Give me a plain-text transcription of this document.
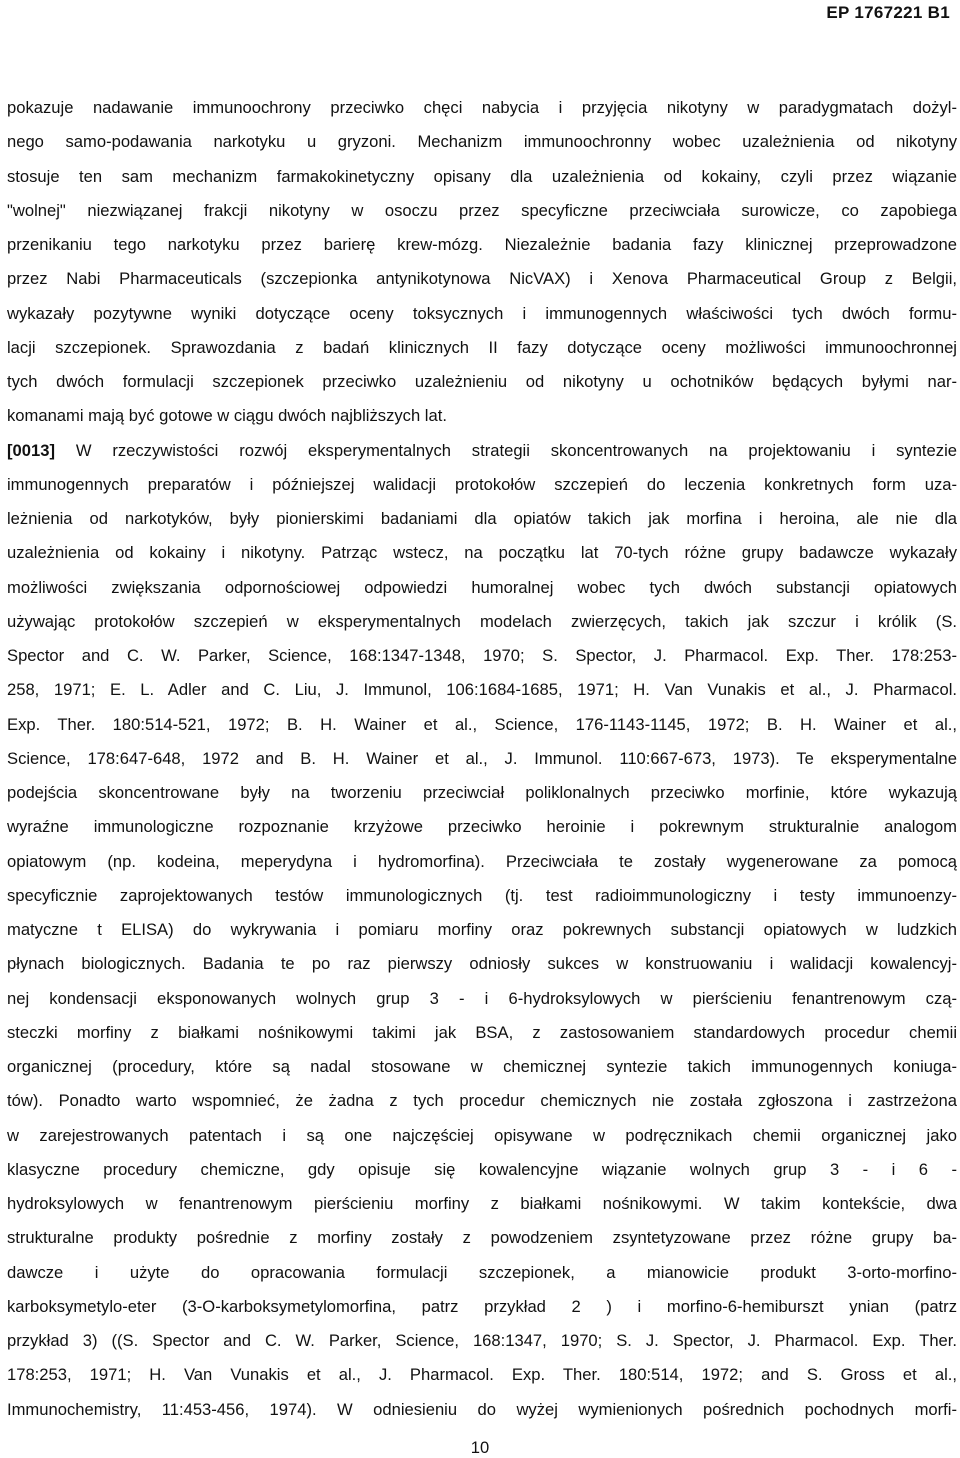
EP 1767221 B1
pokazuje nadawanie immunoochrony przeciwko chęci nabycia i przyjęcia nikotyny w paradygmatach dożyl-
nego samo-podawania narkotyku u gryzoni. Mechanizm immunoochronny wobec uzależnienia od nikotyny
stosuje ten sam mechanizm farmakokinetyczny opisany dla uzależnienia od kokainy, czyli przez wiązanie
"wolnej" niezwiązanej frakcji nikotyny w osoczu przez specyficzne przeciwciała surowicze, co zapobiega
przenikaniu tego narkotyku przez barierę krew-mózg. Niezależnie badania fazy klinicznej przeprowadzone
przez Nabi Pharmaceuticals (szczepionka antynikotynowa NicVAX) i Xenova Pharmaceutical Group z Belgii,
wykazały pozytywne wyniki dotyczące oceny toksycznych i immunogennych właściwości tych dwóch formu-
lacji szczepionek. Sprawozdania z badań klinicznych II fazy dotyczące oceny możliwości immunoochronnej
tych dwóch formulacji szczepionek przeciwko uzależnieniu od nikotyny u ochotników będących byłymi nar-
komanami mają być gotowe w ciągu dwóch najbliższych lat.
[0013] W rzeczywistości rozwój eksperymentalnych strategii skoncentrowanych na projektowaniu i syntezie
immunogennych preparatów i późniejszej walidacji protokołów szczepień do leczenia konkretnych form uza-
leżnienia od narkotyków, były pionierskimi badaniami dla opiatów takich jak morfina i heroina, ale nie dla
uzależnienia od kokainy i nikotyny. Patrząc wstecz, na początku lat 70-tych różne grupy badawcze wykazały
możliwości zwiększania odpornościowej odpowiedzi humoralnej wobec tych dwóch substancji opiatowych
używając protokołów szczepień w eksperymentalnych modelach zwierzęcych, takich jak szczur i królik (S.
Spector and C. W. Parker, Science, 168:1347-1348, 1970; S. Spector, J. Pharmacol. Exp. Ther. 178:253-
258, 1971; E. L. Adler and C. Liu, J. Immunol, 106:1684-1685, 1971; H. Van Vunakis et al., J. Pharmacol.
Exp. Ther. 180:514-521, 1972; B. H. Wainer et al., Science, 176-1143-1145, 1972; B. H. Wainer et al.,
Science, 178:647-648, 1972 and B. H. Wainer et al., J. Immunol. 110:667-673, 1973). Te eksperymentalne
podejścia skoncentrowane były na tworzeniu przeciwciał poliklonalnych przeciwko morfinie, które wykazują
wyraźne immunologiczne rozpoznanie krzyżowe przeciwko heroinie i pokrewnym strukturalnie analogom
opiatowym (np. kodeina, meperydyna i hydromorfina). Przeciwciała te zostały wygenerowane za pomocą
specyficznie zaprojektowanych testów immunologicznych (tj. test radioimmunologiczny i testy immunoenzy-
matyczne t ELISA) do wykrywania i pomiaru morfiny oraz pokrewnych substancji opiatowych w ludzkich
płynach biologicznych. Badania te po raz pierwszy odniosły sukces w konstruowaniu i walidacji kowalencyj-
nej kondensacji eksponowanych wolnych grup 3 - i 6-hydroksylowych w pierścieniu fenantrenowym czą-
steczki morfiny z białkami nośnikowymi takimi jak BSA, z zastosowaniem standardowych procedur chemii
organicznej (procedury, które są nadal stosowane w chemicznej syntezie takich immunogennych koniuga-
tów). Ponadto warto wspomnieć, że żadna z tych procedur chemicznych nie została zgłoszona i zastrzeżona
w zarejestrowanych patentach i są one najczęściej opisywane w podręcznikach chemii organicznej jako
klasyczne procedury chemiczne, gdy opisuje się kowalencyjne wiązanie wolnych grup 3 - i 6 -
hydroksylowych w fenantrenowym pierścieniu morfiny z białkami nośnikowymi. W takim kontekście, dwa
strukturalne produkty pośrednie z morfiny zostały z powodzeniem zsyntetyzowane przez różne grupy ba-
dawcze i użyte do opracowania formulacji szczepionek, a mianowicie produkt 3-orto-morfino-
karboksymetylo-eter (3-O-karboksymetylomorfina, patrz przykład 2 ) i morfino-6-hemiburszt ynian (patrz
przykład 3) ((S. Spector and C. W. Parker, Science, 168:1347, 1970; S. J. Spector, J. Pharmacol. Exp. Ther.
178:253, 1971; H. Van Vunakis et al., J. Pharmacol. Exp. Ther. 180:514, 1972; and S. Gross et al.,
Immunochemistry, 11:453-456, 1974). W odniesieniu do wyżej wymienionych pośrednich pochodnych morfi-
10
